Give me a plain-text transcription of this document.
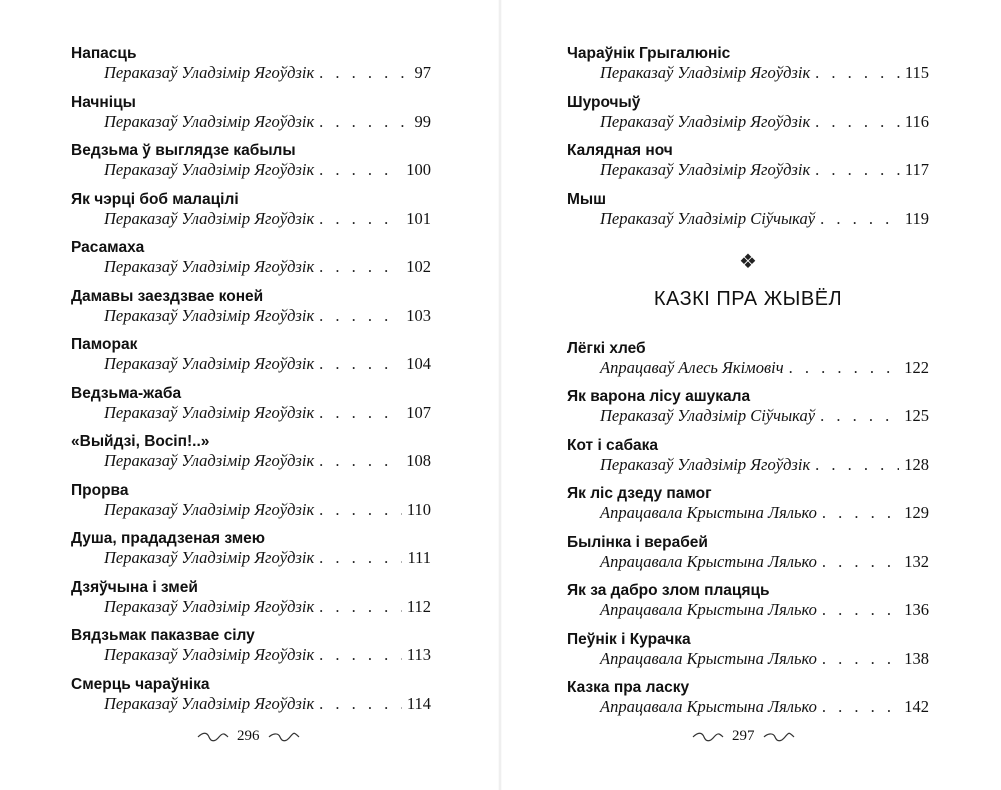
Напасць
Пераказаў Уладзімір Ягоўдзік . . .	97
Начніцы
Пераказаў Уладзімір Ягоўдзік . . .	99
Ведзьма ў выглядзе кабылы
Пераказаў Уладзімір Ягоўдзік . . .	100
Як чэрці боб малацілі
Пераказаў Уладзімір Ягоўдзік . . .	101
Расамаха
Пераказаў Уладзімір Ягоўдзік . . .	102
Дамавы заездзвае коней
Пераказаў Уладзімір Ягоўдзік . . .	103
Паморак
Пераказаў Уладзімір Ягоўдзік . . .	104
Ведзьма-жаба
Пераказаў Уладзімір Ягоўдзік . . .	107
«Выйдзі, Восіп!..»
Пераказаў Уладзімір Ягоўдзік . . .	108
Прорва
Пераказаў Уладзімір Ягоўдзік . . .	110
Душа, прададзеная змею
Пераказаў Уладзімір Ягоўдзік . . .	111
Дзяўчына і змей
Пераказаў Уладзімір Ягоўдзік . . .	112
Вядзьмак паказвае сілу
Пераказаў Уладзімір Ягоўдзік . . .	113
Смерць чараўніка
Пераказаў Уладзімір Ягоўдзік . . .	114
296
Чараўнік Грыгалюніс
Пераказаў Уладзімір Ягоўдзік . . .	115
Шурочыў
Пераказаў Уладзімір Ягоўдзік . . .	116
Калядная ноч
Пераказаў Уладзімір Ягоўдзік . . .	117
Мыш
Пераказаў Уладзімір Сіўчыкаў . . .	119
❖
КАЗКІ ПРА ЖЫВЁЛ
Лёгкі хлеб
Апрацаваў Алесь Якімовіч . . .	122
Як варона лісу ашукала
Пераказаў Уладзімір Сіўчыкаў . . .	125
Кот і сабака
Пераказаў Уладзімір Ягоўдзік . . .	128
Як ліс дзеду памог
Апрацавала Крыстына Лялько . . .	129
Былінка і верабей
Апрацавала Крыстына Лялько . . .	132
Як за дабро злом плацяць
Апрацавала Крыстына Лялько . . .	136
Пеўнік і Курачка
Апрацавала Крыстына Лялько . . .	138
Казка пра ласку
Апрацавала Крыстына Лялько . . .	142
297
